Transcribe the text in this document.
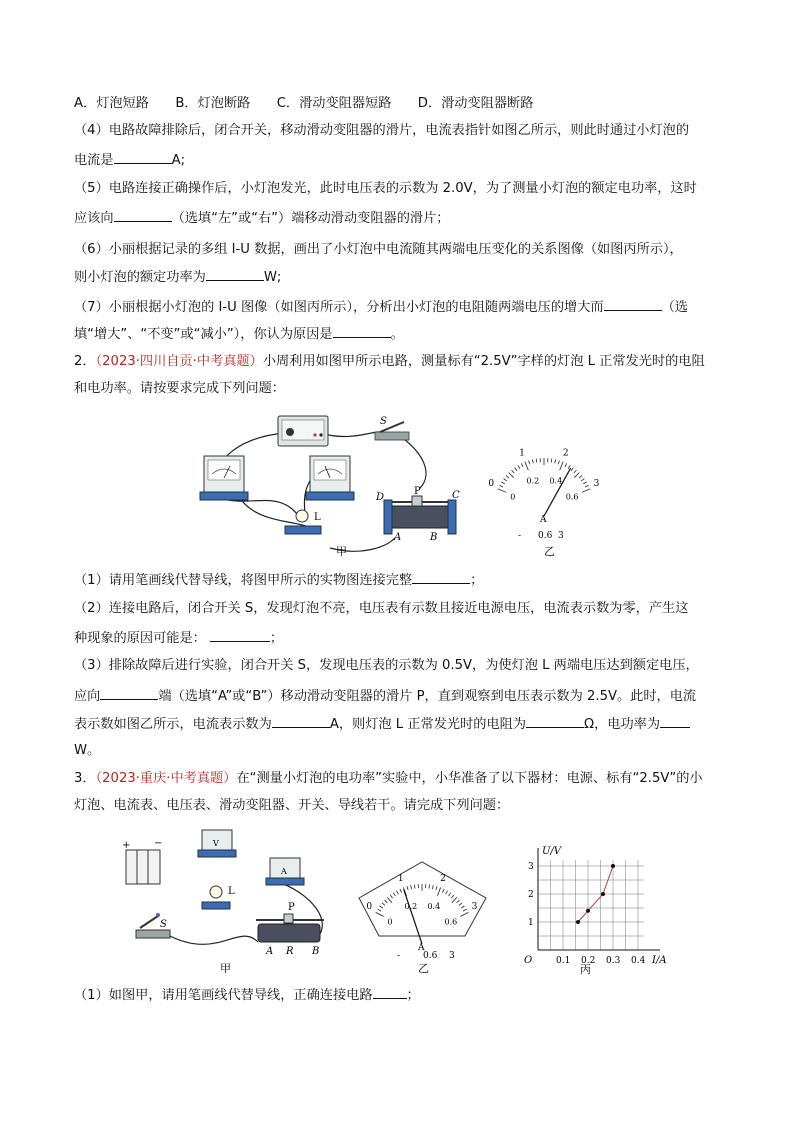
A．灯泡短路　　B．灯泡断路　　C．滑动变阻器短路　　D．滑动变阻器断路
（4）电路故障排除后，闭合开关，移动滑动变阻器的滑片，电流表指针如图乙所示，则此时通过小灯泡的
电流是	A;
（5）电路连接正确操作后，小灯泡发光，此时电压表的示数为 2.0V，为了测量小灯泡的额定电功率，这时
应该向	（选填“左”或“右”）端移动滑动变阻器的滑片；
（6）小丽根据记录的多组 I-U 数据，画出了小灯泡中电流随其两端电压变化的关系图像（如图丙所示），
则小灯泡的额定功率为	W;
（7）小丽根据小灯泡的 I-U 图像（如图丙所示），分析出小灯泡的电阻随两端电压的增大而	（选
填“增大”、“不变”或“减小”），你认为原因是	。
2．（2023·四川自贡·中考真题）小周利用如图甲所示电路，测量标有“2.5V”字样的灯泡 L 正常发光时的电阻
和电功率。请按要求完成下列问题：
S
L
P
D	C
A	B
甲
0
1	2
3
0
0.2 0.4
0.6
A
- 0.6 3
乙
（1）请用笔画线代替导线，将图甲所示的实物图连接完整	；
（2）连接电路后，闭合开关 S，发现灯泡不亮，电压表有示数且接近电源电压，电流表示数为零，产生这
种现象的原因可能是：	；
（3）排除故障后进行实验，闭合开关 S，发现电压表的示数为 0.5V，为使灯泡 L 两端电压达到额定电压，
应向	端（选填“A”或“B”）移动滑动变阻器的滑片 P，直到观察到电压表示数为 2.5V。此时，电流
表示数如图乙所示，电流表示数为	A，则灯泡 L 正常发光时的电阻为	Ω，电功率为
W。
3．（2023·重庆·中考真题）在“测量小灯泡的电功率”实验中，小华准备了以下器材：电源、标有“2.5V”的小
灯泡、电流表、电压表、滑动变阻器、开关、导线若干。请完成下列问题：
+ −	V
L
A
S
P
A R B
甲
0
1	2
3
0
0.2 0.4
0.6
A
-	0.6 3
乙
U/V
I/A
O	0.1 0.2 0.3 0.4
1
2
3
丙
（1）如图甲，请用笔画线代替导线，正确连接电路	；
